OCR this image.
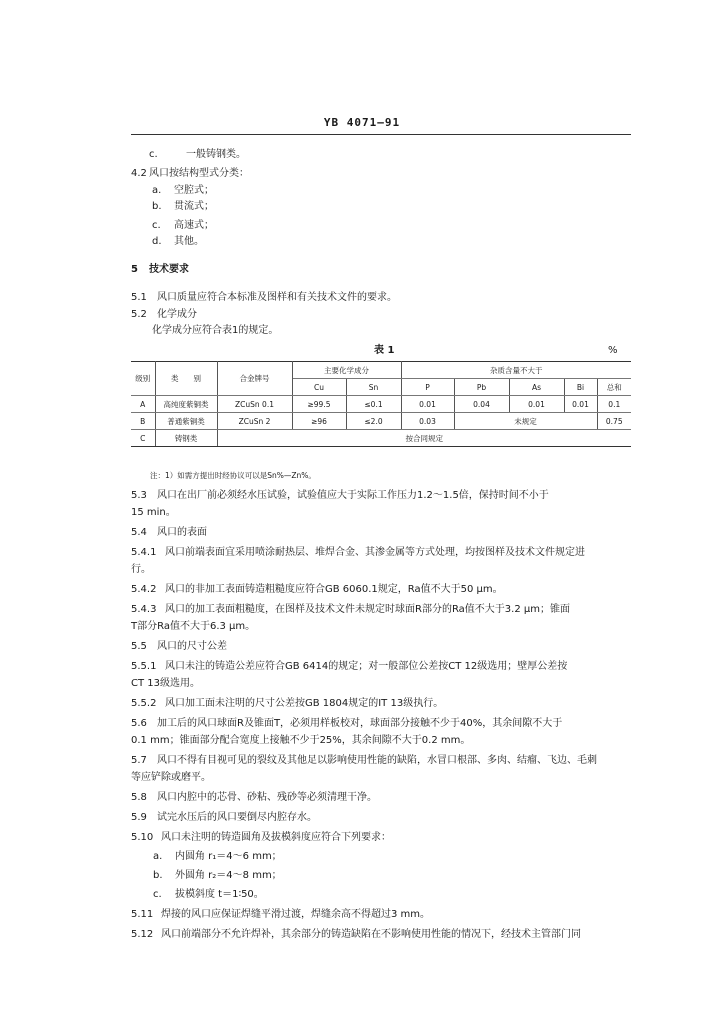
YB 4071—91
c.	一般铸钢类。
4.2 风口按结构型式分类：
a. 空腔式；
b. 贯流式；
c. 高速式；
d. 其他。
5 技术要求
5.1 风口质量应符合本标准及图样和有关技术文件的要求。
5.2 化学成分
化学成分应符合表1的规定。
表 1	%
级别	类　　别	合金牌号	主要化学成分		杂质含量不大于				
			Cu	Sn	P	Pb	As	Bi	总和
A	高纯度紫铜类	ZCuSn 0.1	≥99.5	≤0.1	0.01	0.04	0.01	0.01	0.1
B	普通紫铜类	ZCuSn 2	≥96	≤2.0	0.03	未规定			0.75
C	铸钢类	按合同规定							
注：1）如需方提出时经协议可以是Sn%—Zn%。
5.3 风口在出厂前必须经水压试验，试验值应大于实际工作压力1.2～1.5倍，保持时间不小于
15 min。
5.4 风口的表面
5.4.1 风口前端表面宜采用喷涂耐热层、堆焊合金、其渗金属等方式处理，均按图样及技术文件规定进
行。
5.4.2 风口的非加工表面铸造粗糙度应符合GB 6060.1规定，Ra值不大于50 μm。
5.4.3 风口的加工表面粗糙度，在图样及技术文件未规定时球面R部分的Ra值不大于3.2 μm；锥面
T部分Ra值不大于6.3 μm。
5.5 风口的尺寸公差
5.5.1 风口未注的铸造公差应符合GB 6414的规定；对一般部位公差按CT 12级选用；壁厚公差按
CT 13级选用。
5.5.2 风口加工面未注明的尺寸公差按GB 1804规定的IT 13级执行。
5.6 加工后的风口球面R及锥面T，必须用样板校对，球面部分接触不少于40%，其余间隙不大于
0.1 mm；锥面部分配合宽度上接触不少于25%，其余间隙不大于0.2 mm。
5.7 风口不得有目视可见的裂纹及其他足以影响使用性能的缺陷，水冒口根部、多肉、结瘤、飞边、毛刺
等应铲除或磨平。
5.8 风口内腔中的芯骨、砂粘、残砂等必须清理干净。
5.9 试完水压后的风口要倒尽内腔存水。
5.10 风口未注明的铸造圆角及拔模斜度应符合下列要求：
a. 内圆角 r₁＝4～6 mm；
b. 外圆角 r₂＝4～8 mm；
c. 拔模斜度 t＝1∶50。
5.11 焊接的风口应保证焊缝平滑过渡，焊缝余高不得超过3 mm。
5.12 风口前端部分不允许焊补，其余部分的铸造缺陷在不影响使用性能的情况下，经技术主管部门同
